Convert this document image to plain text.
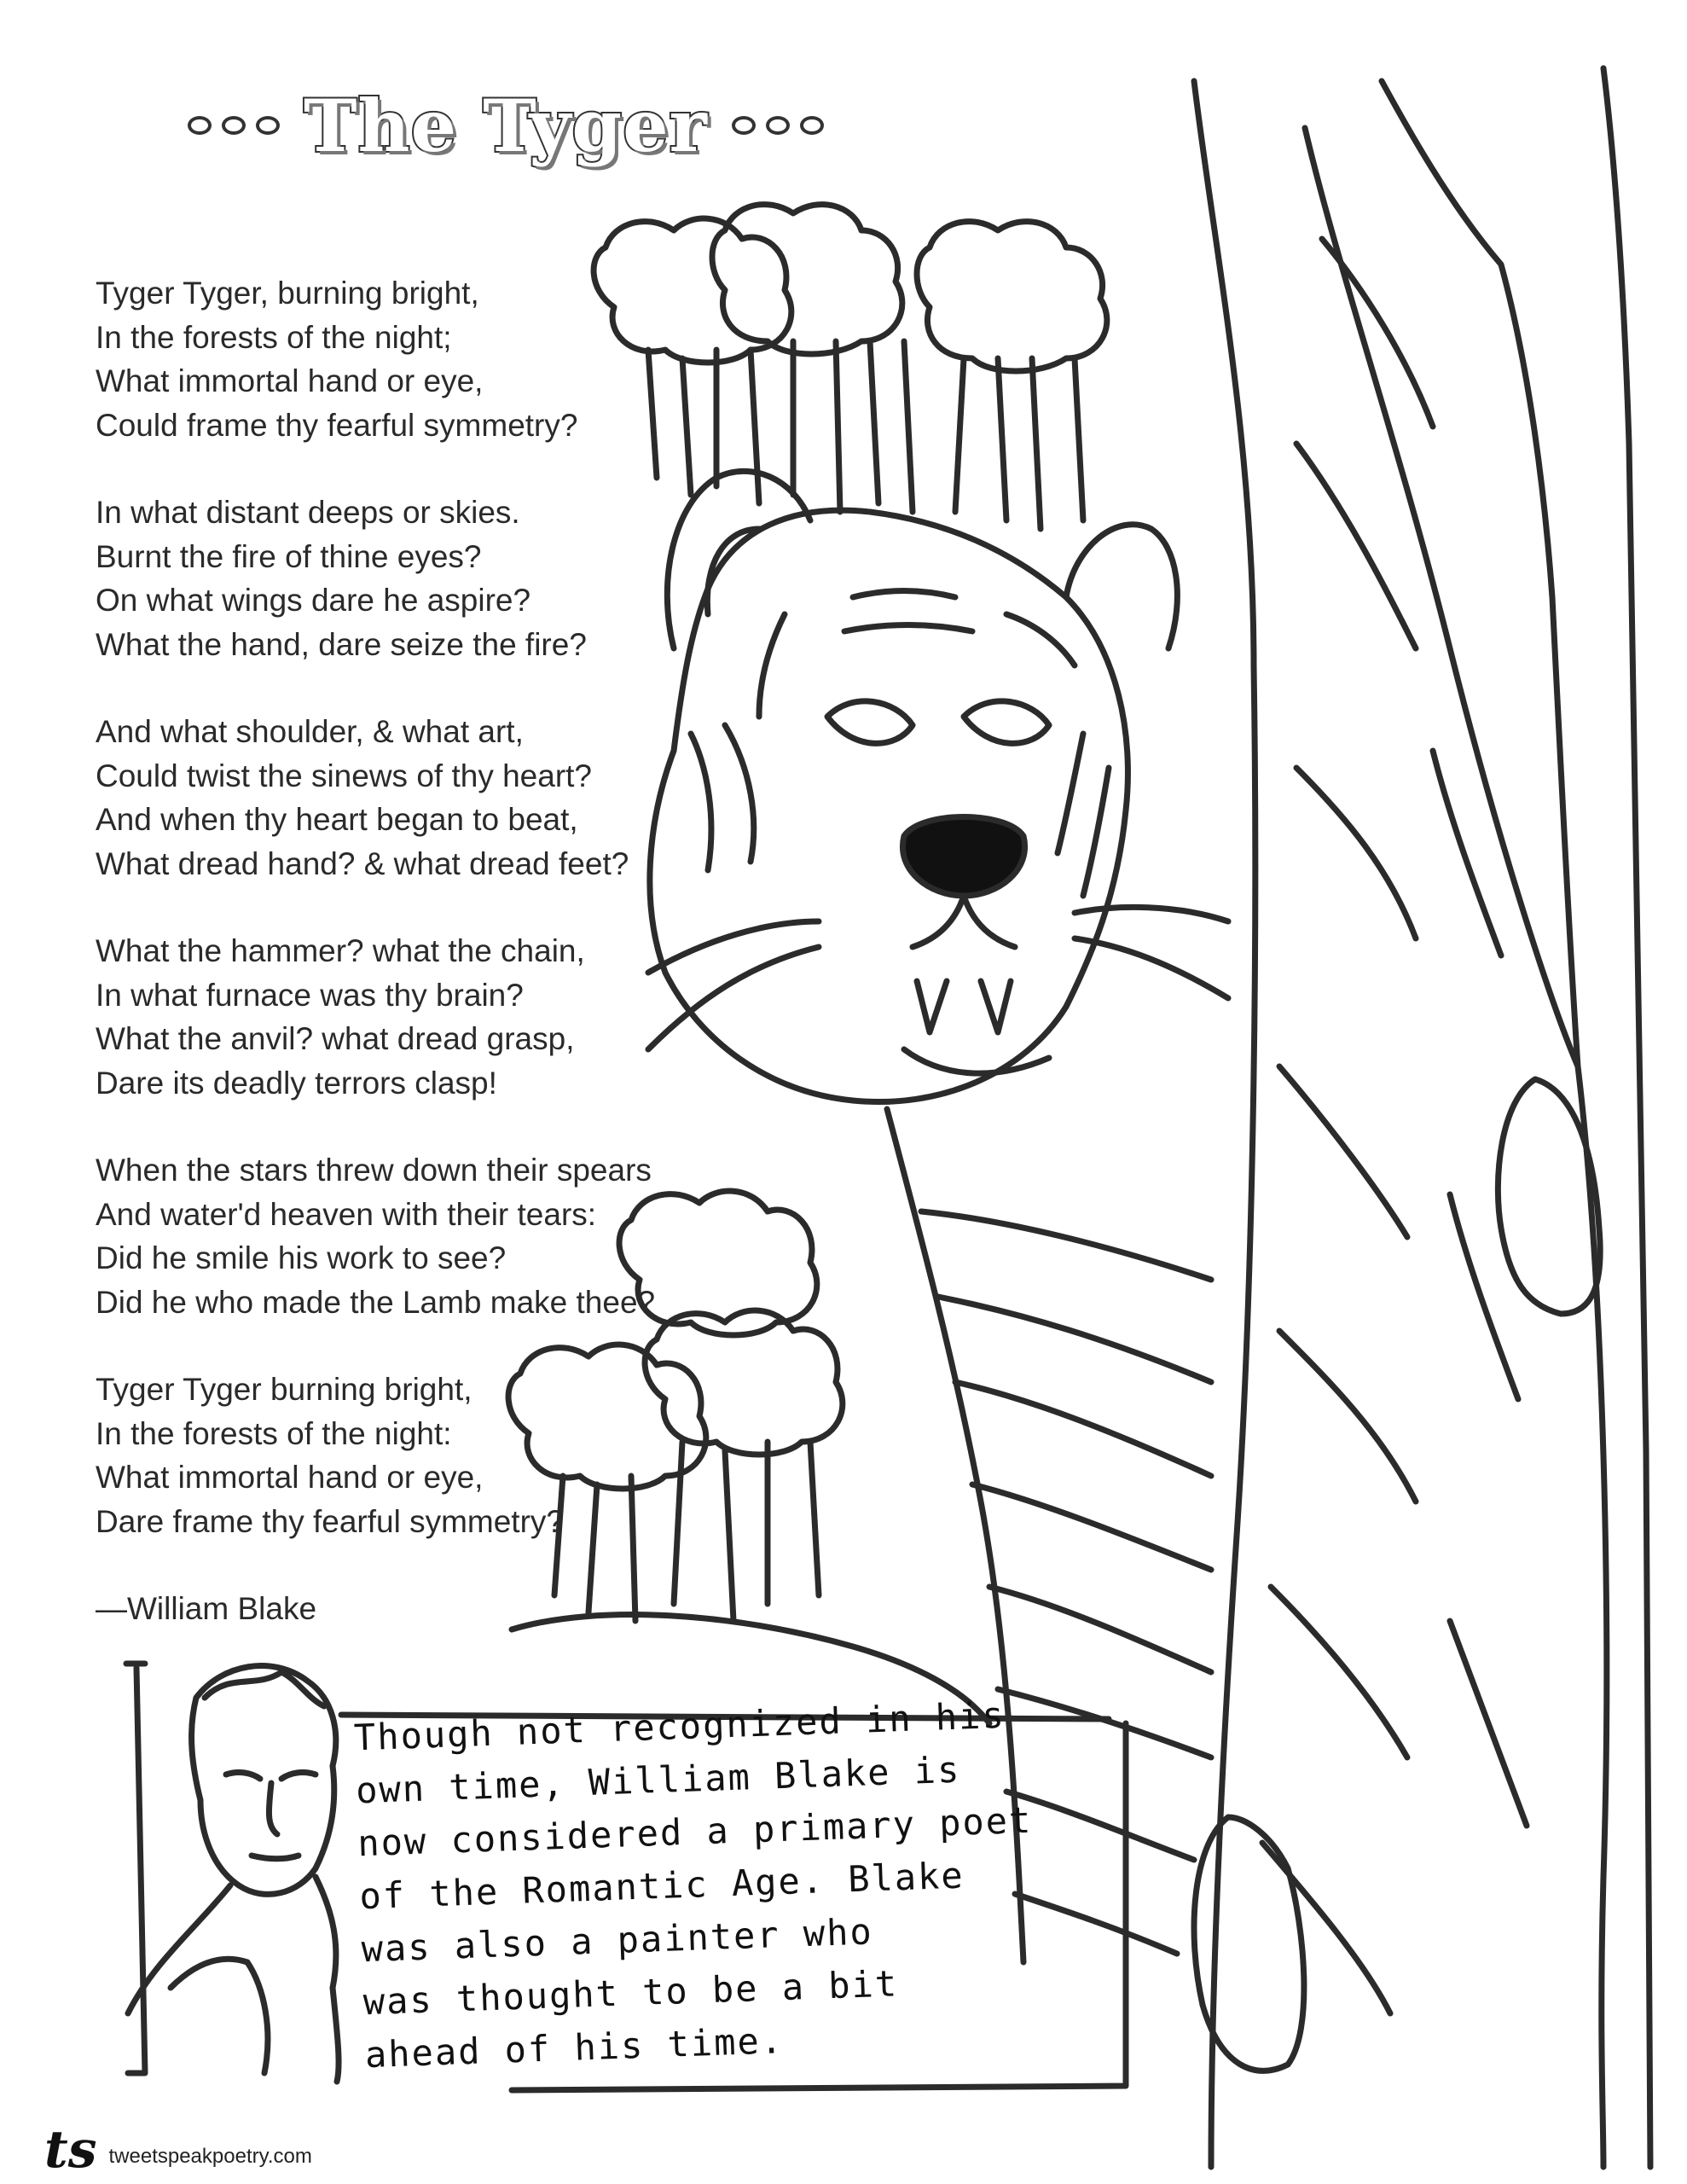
The Tyger
Tyger Tyger, burning bright,
In the forests of the night;
What immortal hand or eye,
Could frame thy fearful symmetry?
In what distant deeps or skies.
Burnt the fire of thine eyes?
On what wings dare he aspire?
What the hand, dare seize the fire?
And what shoulder, & what art,
Could twist the sinews of thy heart?
And when thy heart began to beat,
What dread hand? & what dread feet?
What the hammer? what the chain,
In what furnace was thy brain?
What the anvil? what dread grasp,
Dare its deadly terrors clasp!
When the stars threw down their spears
And water'd heaven with their tears:
Did he smile his work to see?
Did he who made the Lamb make thee?
Tyger Tyger burning bright,
In the forests of the night:
What immortal hand or eye,
Dare frame thy fearful symmetry?
—William Blake
Though not recognized in his
own time, William Blake is
now considered a primary poet
of the Romantic Age. Blake
was also a painter who
was thought to be a bit
ahead of his time.
ts tweetspeakpoetry.com
